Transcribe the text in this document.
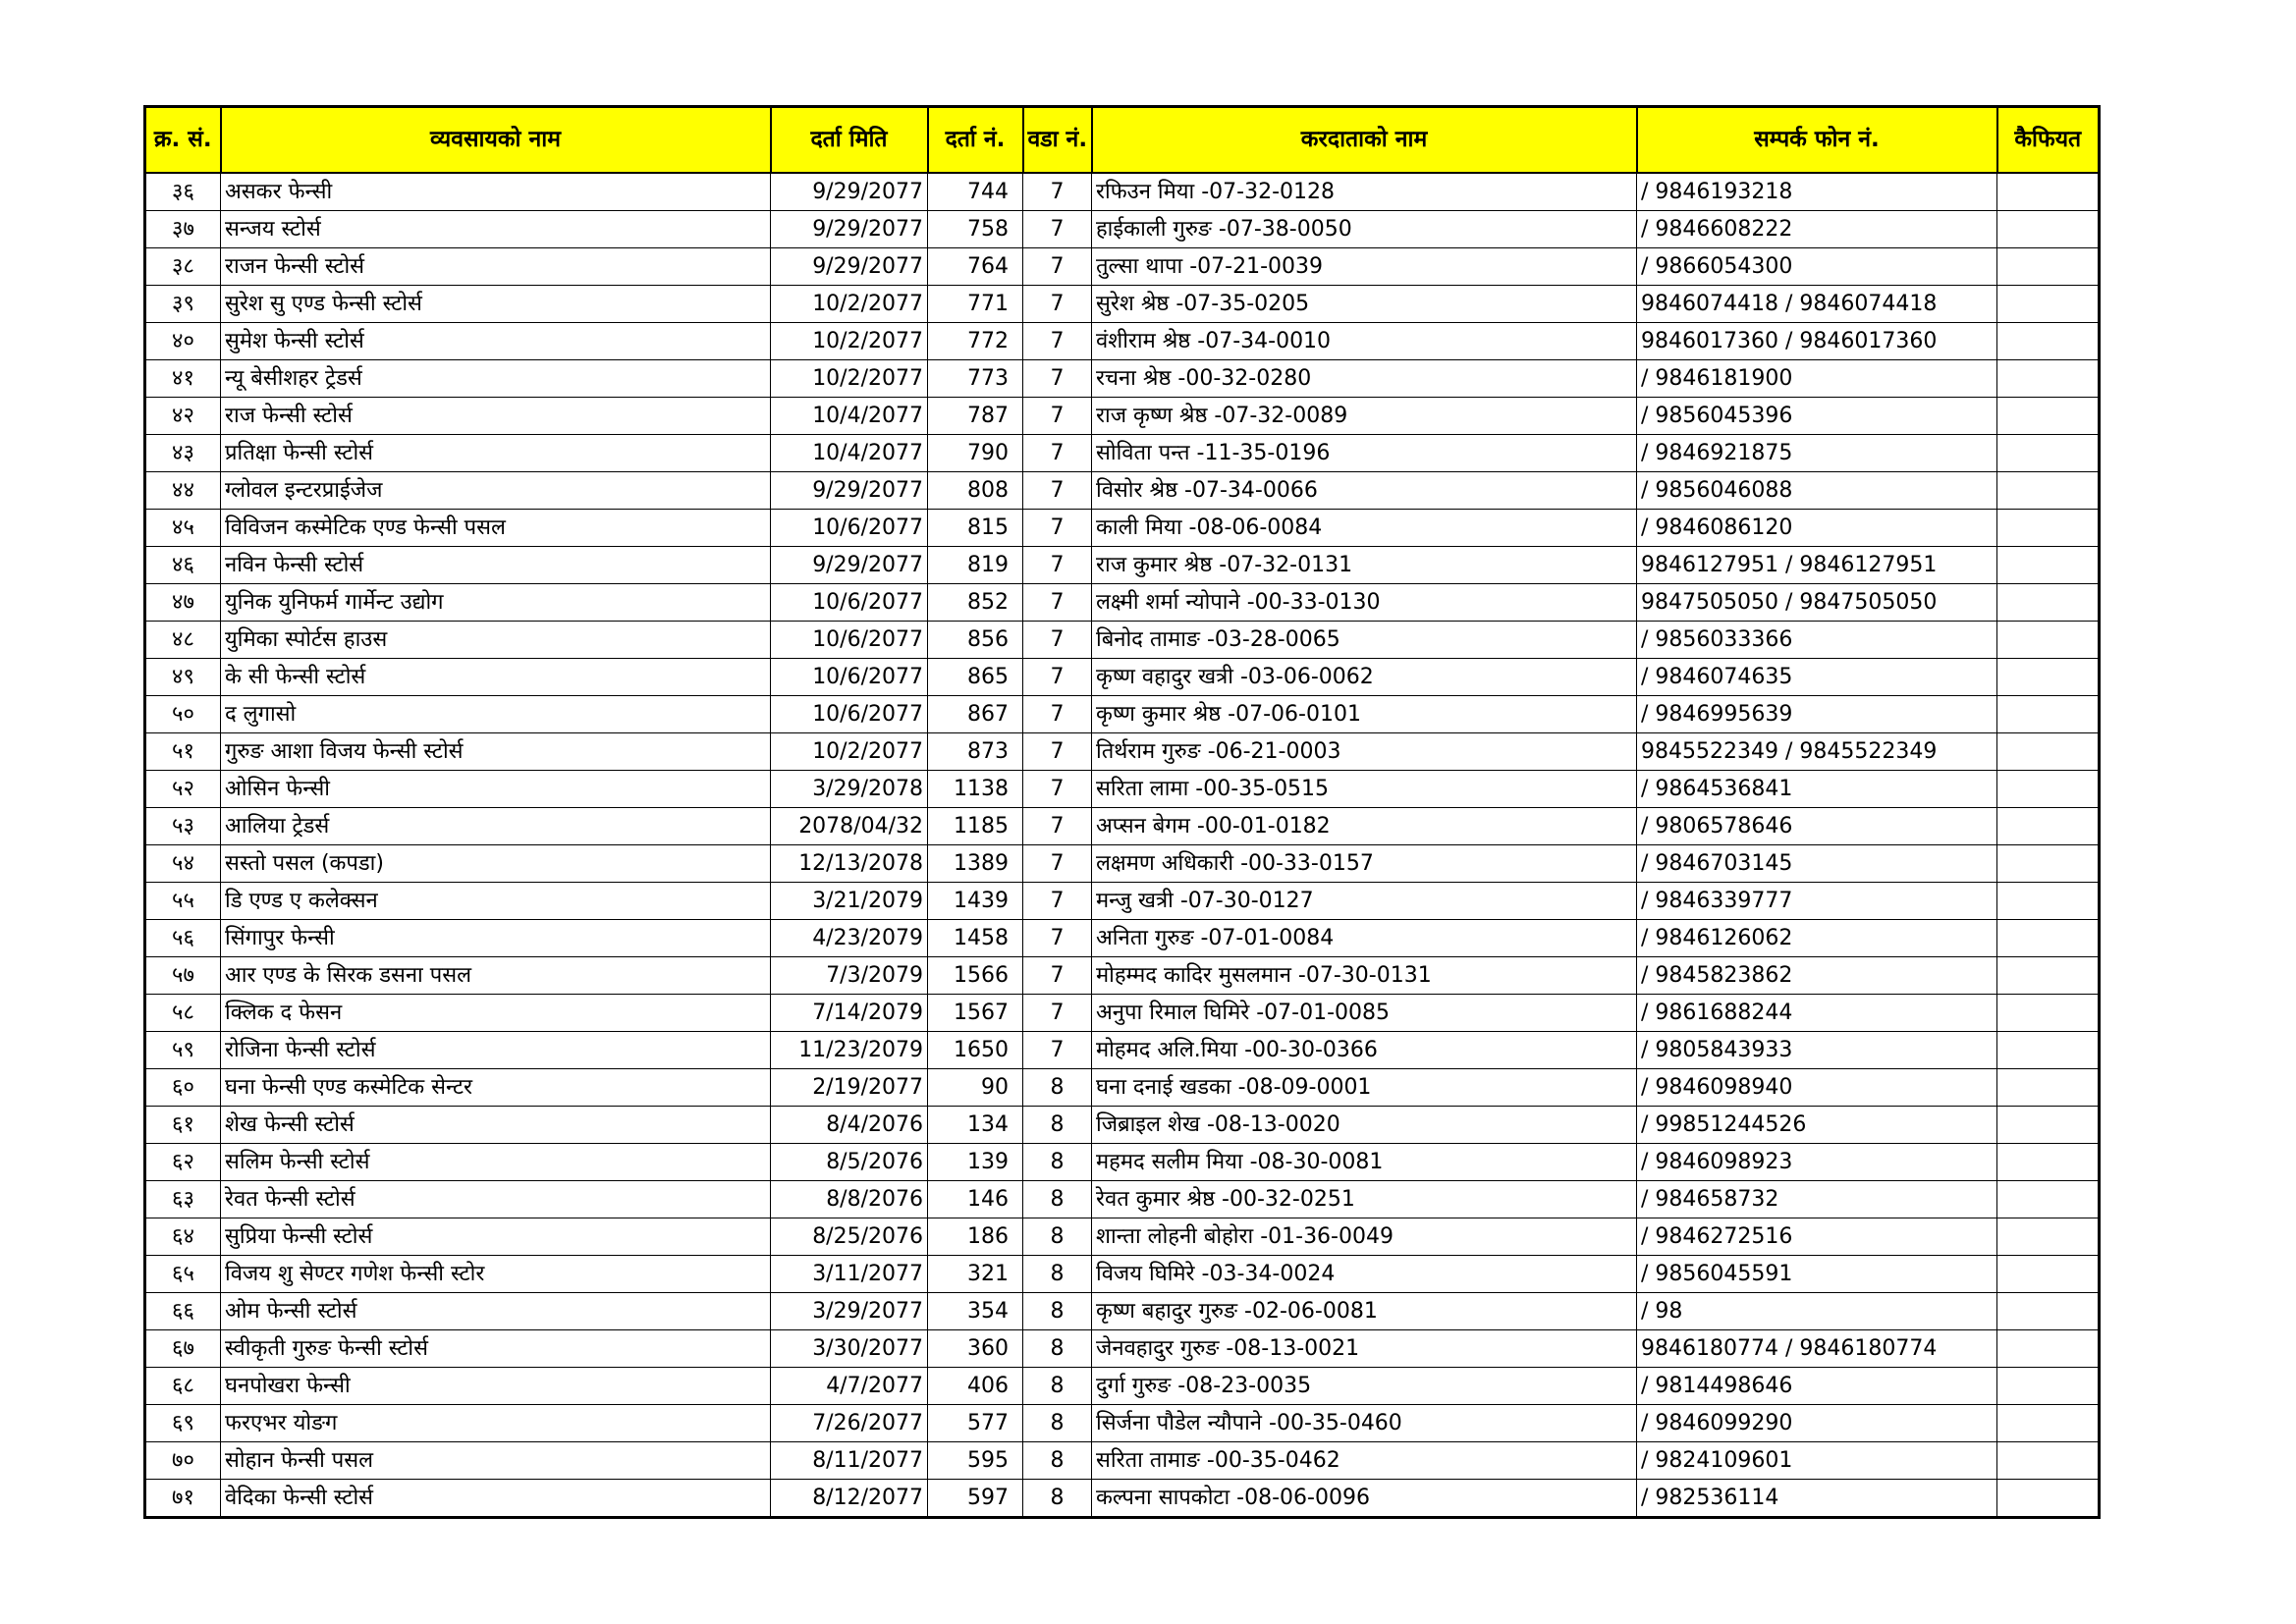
क्र. सं.	व्यवसायको नाम	दर्ता मिति	दर्ता नं.	वडा नं.	करदाताको नाम	सम्पर्क फोन नं.	कैफियत
३६	असकर फेन्सी	9/29/2077	744	7	रफिउन मिया -07-32-0128	/ 9846193218	
३७	सन्जय स्टोर्स	9/29/2077	758	7	हाईकाली गुरुङ -07-38-0050	/ 9846608222	
३८	राजन फेन्सी स्टोर्स	9/29/2077	764	7	तुल्सा थापा -07-21-0039	/ 9866054300	
३९	सुरेश सु एण्ड फेन्सी स्टोर्स	10/2/2077	771	7	सुरेश श्रेष्ठ -07-35-0205	9846074418 / 9846074418	
४०	सुमेश फेन्सी स्टोर्स	10/2/2077	772	7	वंशीराम श्रेष्ठ -07-34-0010	9846017360 / 9846017360	
४१	न्यू बेसीशहर ट्रेडर्स	10/2/2077	773	7	रचना श्रेष्ठ -00-32-0280	/ 9846181900	
४२	राज फेन्सी स्टोर्स	10/4/2077	787	7	राज कृष्ण श्रेष्ठ -07-32-0089	/ 9856045396	
४३	प्रतिक्षा फेन्सी स्टोर्स	10/4/2077	790	7	सोविता पन्त -11-35-0196	/ 9846921875	
४४	ग्लोवल इन्टरप्राईजेज	9/29/2077	808	7	विसोर श्रेष्ठ -07-34-0066	/ 9856046088	
४५	विविजन कस्मेटिक एण्ड फेन्सी पसल	10/6/2077	815	7	काली मिया -08-06-0084	/ 9846086120	
४६	नविन फेन्सी स्टोर्स	9/29/2077	819	7	राज कुमार श्रेष्ठ -07-32-0131	9846127951 / 9846127951	
४७	युनिक युनिफर्म गार्मेन्ट उद्योग	10/6/2077	852	7	लक्ष्मी शर्मा न्योपाने -00-33-0130	9847505050 / 9847505050	
४८	युमिका स्पोर्टस हाउस	10/6/2077	856	7	बिनोद तामाङ -03-28-0065	/ 9856033366	
४९	के सी फेन्सी स्टोर्स	10/6/2077	865	7	कृष्ण वहादुर खत्री -03-06-0062	/ 9846074635	
५०	द लुगासो	10/6/2077	867	7	कृष्ण कुमार श्रेष्ठ -07-06-0101	/ 9846995639	
५१	गुरुङ आशा विजय फेन्सी स्टोर्स	10/2/2077	873	7	तिर्थराम गुरुङ -06-21-0003	9845522349 / 9845522349	
५२	ओसिन फेन्सी	3/29/2078	1138	7	सरिता लामा -00-35-0515	/ 9864536841	
५३	आलिया ट्रेडर्स	2078/04/32	1185	7	अप्सन बेगम -00-01-0182	/ 9806578646	
५४	सस्तो पसल (कपडा)	12/13/2078	1389	7	लक्षमण अधिकारी -00-33-0157	/ 9846703145	
५५	डि एण्ड ए कलेक्सन	3/21/2079	1439	7	मन्जु खत्री -07-30-0127	/ 9846339777	
५६	सिंगापुर फेन्सी	4/23/2079	1458	7	अनिता गुरुङ -07-01-0084	/ 9846126062	
५७	आर एण्ड के सिरक डसना पसल	7/3/2079	1566	7	मोहम्मद कादिर मुसलमान -07-30-0131	/ 9845823862	
५८	क्लिक द फेसन	7/14/2079	1567	7	अनुपा रिमाल घिमिरे -07-01-0085	/ 9861688244	
५९	रोजिना फेन्सी स्टोर्स	11/23/2079	1650	7	मोहमद अलि.मिया -00-30-0366	/ 9805843933	
६०	घना फेन्सी एण्ड कस्मेटिक सेन्टर	2/19/2077	90	8	घना दनाई खडका -08-09-0001	/ 9846098940	
६१	शेख फेन्सी स्टोर्स	8/4/2076	134	8	जिब्राइल शेख -08-13-0020	/ 99851244526	
६२	सलिम फेन्सी स्टोर्स	8/5/2076	139	8	महमद सलीम मिया -08-30-0081	/ 9846098923	
६३	रेवत फेन्सी स्टोर्स	8/8/2076	146	8	रेवत कुमार श्रेष्ठ -00-32-0251	/ 984658732	
६४	सुप्रिया फेन्सी स्टोर्स	8/25/2076	186	8	शान्ता लोहनी बोहोरा -01-36-0049	/ 9846272516	
६५	विजय शु सेण्टर गणेश फेन्सी स्टोर	3/11/2077	321	8	विजय घिमिरे -03-34-0024	/ 9856045591	
६६	ओम फेन्सी स्टोर्स	3/29/2077	354	8	कृष्ण बहादुर गुरुङ -02-06-0081	/ 98	
६७	स्वीकृती गुरुङ फेन्सी स्टोर्स	3/30/2077	360	8	जेनवहादुर गुरुङ -08-13-0021	9846180774 / 9846180774	
६८	घनपोखरा फेन्सी	4/7/2077	406	8	दुर्गा गुरुङ -08-23-0035	/ 9814498646	
६९	फरएभर योङग	7/26/2077	577	8	सिर्जना पौडेल न्यौपाने -00-35-0460	/ 9846099290	
७०	सोहान फेन्सी पसल	8/11/2077	595	8	सरिता तामाङ -00-35-0462	/ 9824109601	
७१	वेदिका फेन्सी स्टोर्स	8/12/2077	597	8	कल्पना सापकोटा -08-06-0096	/ 982536114	
